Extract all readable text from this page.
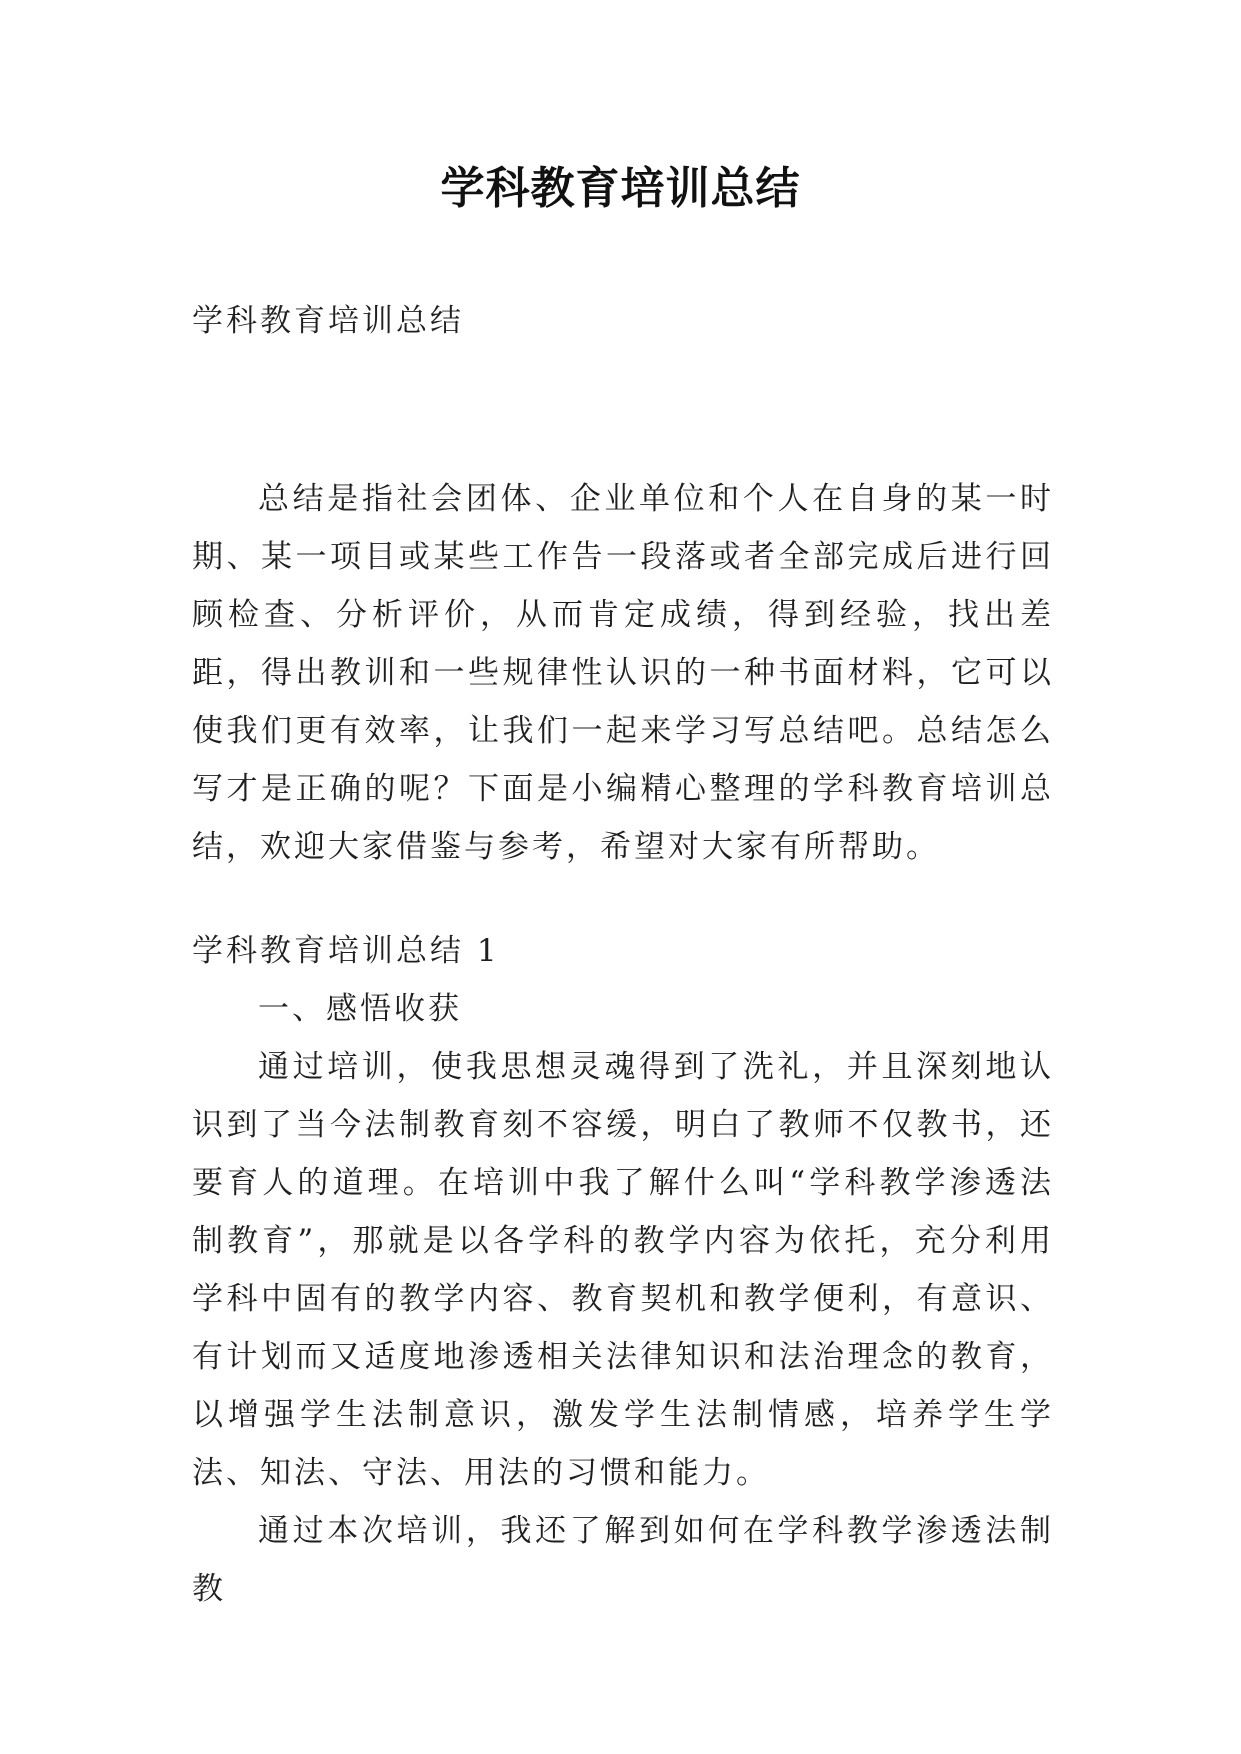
学科教育培训总结

学科教育培训总结

总结是指社会团体、企业单位和个人在自身的某一时期、某一项目或某些工作告一段落或者全部完成后进行回顾检查、分析评价，从而肯定成绩，得到经验，找出差距，得出教训和一些规律性认识的一种书面材料，它可以使我们更有效率，让我们一起来学习写总结吧。总结怎么写才是正确的呢？下面是小编精心整理的学科教育培训总结，欢迎大家借鉴与参考，希望对大家有所帮助。

学科教育培训总结 1

一、感悟收获

通过培训，使我思想灵魂得到了洗礼，并且深刻地认识到了当今法制教育刻不容缓，明白了教师不仅教书，还要育人的道理。在培训中我了解什么叫“学科教学渗透法制教育”，那就是以各学科的教学内容为依托，充分利用学科中固有的教学内容、教育契机和教学便利，有意识、有计划而又适度地渗透相关法律知识和法治理念的教育，以增强学生法制意识，激发学生法制情感，培养学生学法、知法、守法、用法的习惯和能力。

通过本次培训，我还了解到如何在学科教学渗透法制教
